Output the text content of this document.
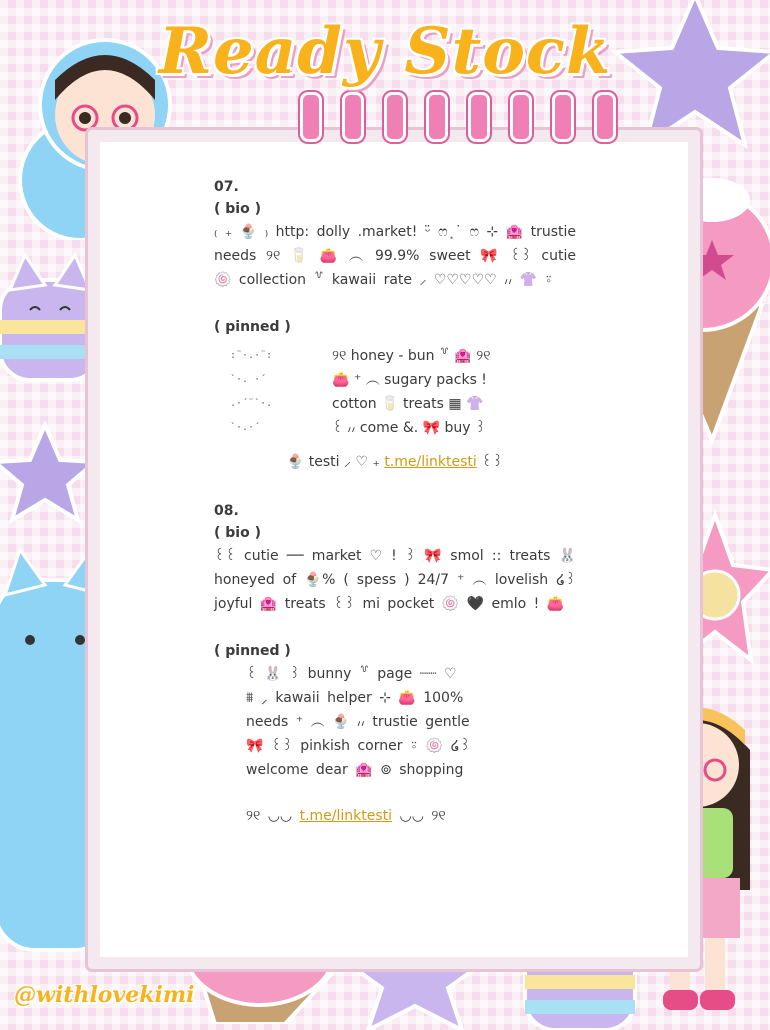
Ready Stock
07.
( bio )
₍ ₊ 🍨 ₎ http: dolly .market! ᵕ̈ ෆ ͙ ͘ ෆ ⊹ 🏩 trustie
needs ୨୧ 🥛 👛 ︵ 99.9% sweet 🎀 ꒰꒱ cutie
🍥 collection ꒷ kawaii rate ⸝ ♡♡♡♡♡ ៸៸ 👚 ⍤
( pinned )
:¨·.·¨:	୨୧ honey - bun ꒷ 🏩 ୨୧
`·. ·´	👛 ⁺ ︵ sugary packs !
.·´¨`·.	cotton 🥛 treats ▦ 👚
`·.·´	꒰ ៸៸ come &. 🎀 buy ꒱
🍨 testi ⸝ ♡ ₊ t.me/linktesti ꒰꒱
08.
( bio )
꒰꒰ cutie ── market ♡ ! ꒱ 🎀 smol :: treats 🐰
honeyed of 🍨% ( spess ) 24/7 ⁺ ︵ lovelish ໒꒱
joyful 🏩 treats ꒰꒱ mi pocket 🍥 🖤 emlo ! 👛
( pinned )
꒰ 🐰 ꒱ bunny ꒷ page ┈┈ ♡
⩩ ⸝ kawaii helper ⊹ 👛 100%
needs ⁺ ︵ 🍨 ៸៸ trustie gentle
🎀 ꒰꒱ pinkish corner ⍤ 🍥 ໒꒱
welcome dear 🏩 ⊚ shopping
୨୧ ◡◡ t.me/linktesti ◡◡ ୨୧
@withlovekimi
